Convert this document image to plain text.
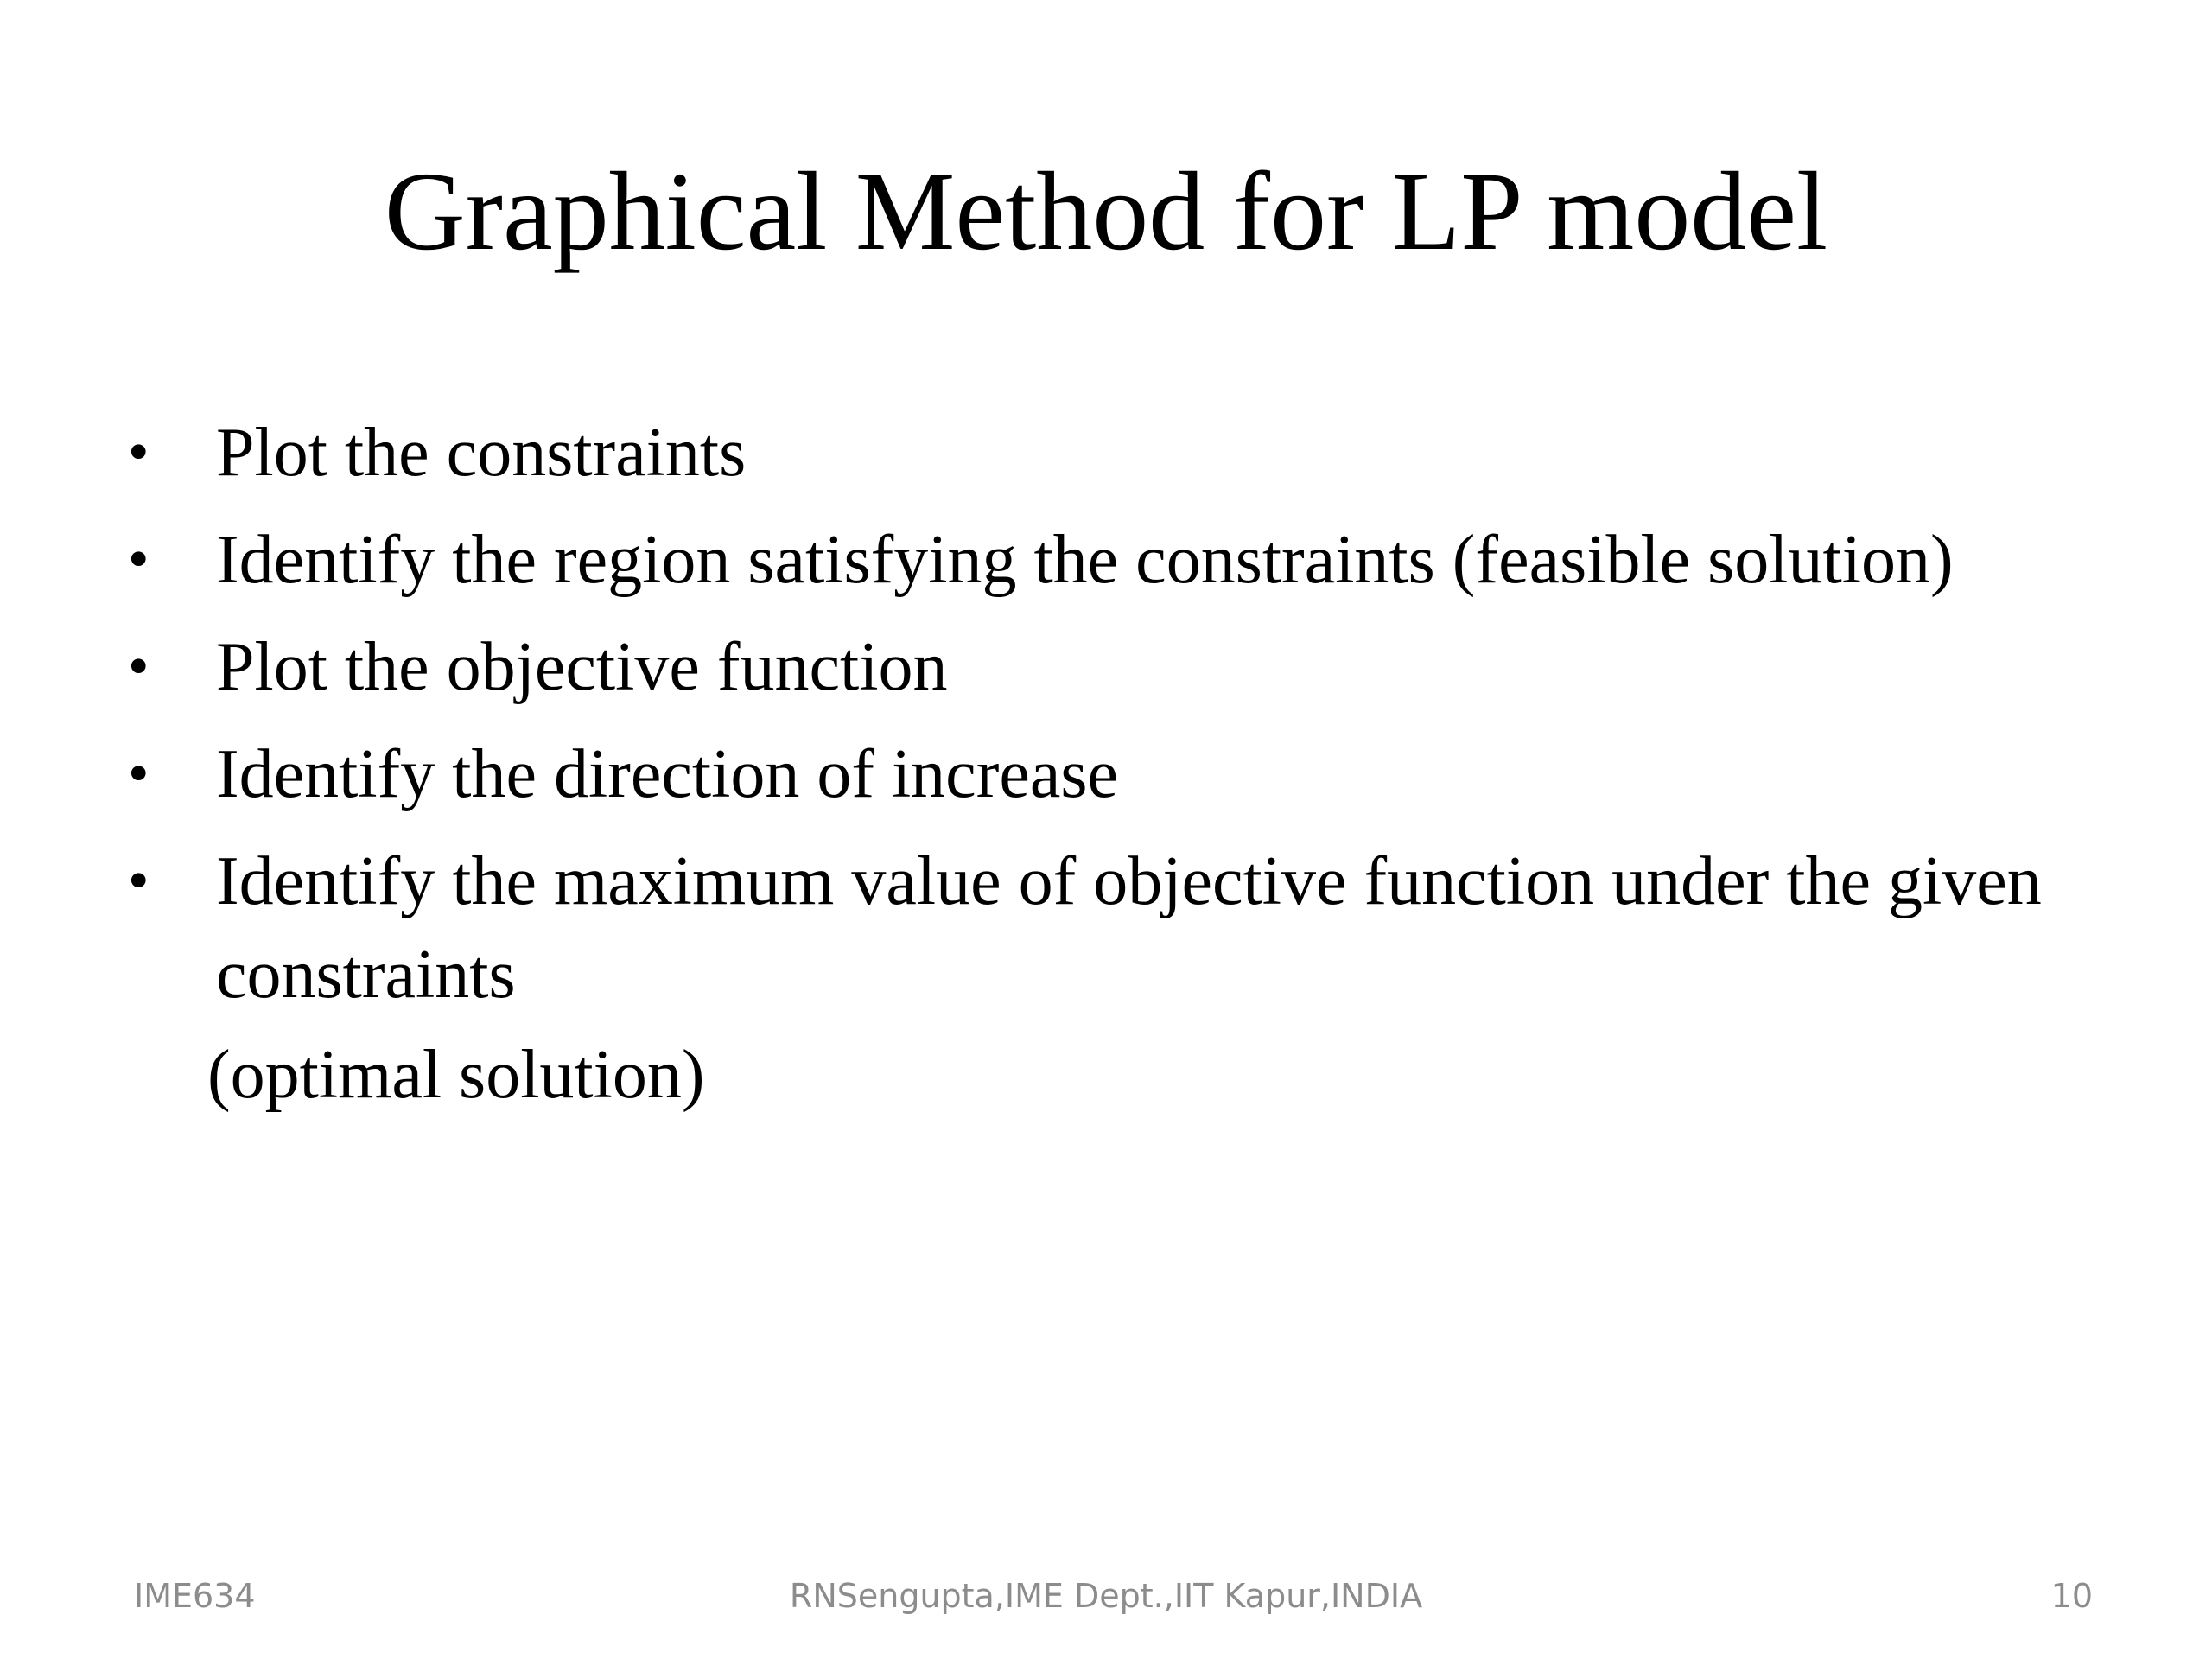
Graphical Method for LP model
• Plot the constraints
• Identify the region satisfying the constraints (feasible solution)
• Plot the objective function
• Identify the direction of increase
• Identify the maximum value of objective function under the given constraints
(optimal solution)
IME634	RNSengupta,IME Dept.,IIT Kapur,INDIA	10
